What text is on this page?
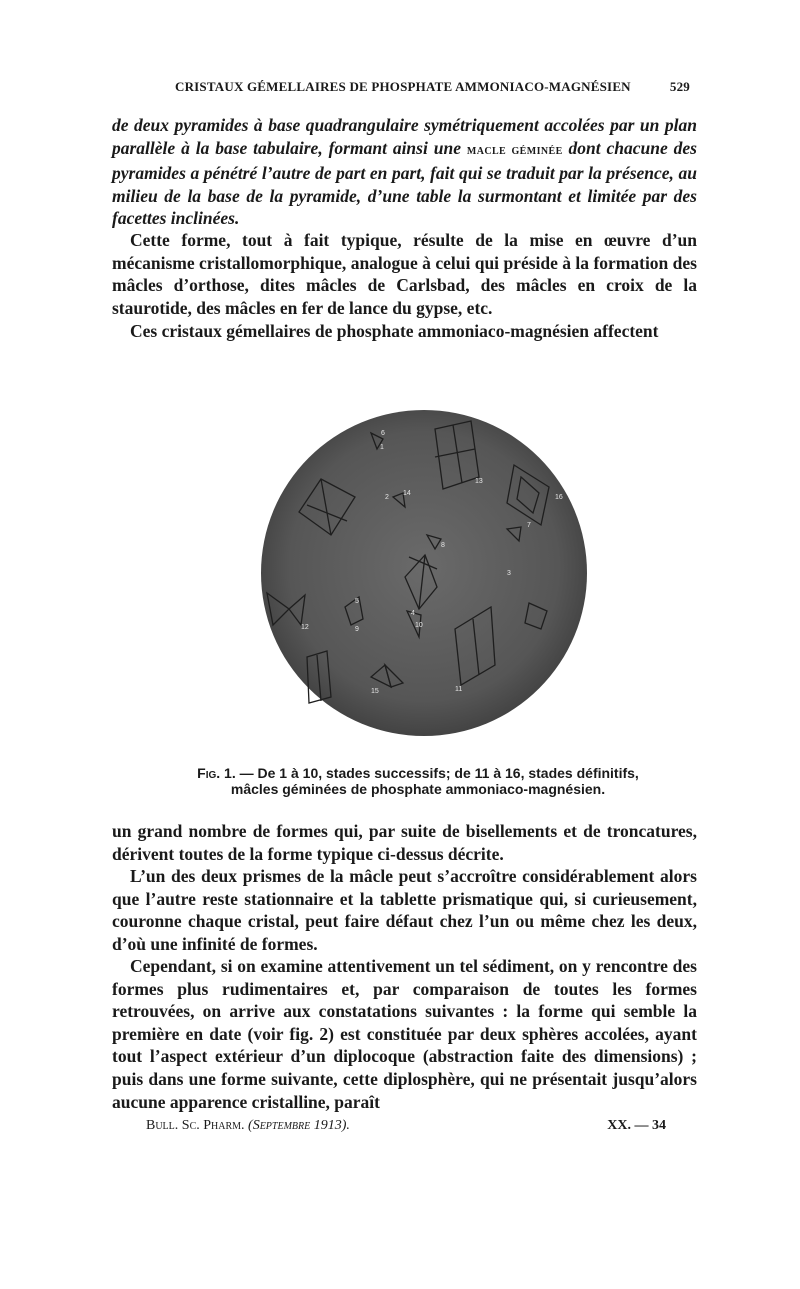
CRISTAUX GÉMELLAIRES DE PHOSPHATE AMMONIACO-MAGNÉSIEN	529
de deux pyramides à base quadrangulaire symétriquement accolées par un plan parallèle à la base tabulaire, formant ainsi une macle géminée dont chacune des pyramides a pénétré l’autre de part en part, fait qui se traduit par la présence, au milieu de la base de la pyramide, d’une table la surmontant et limitée par des facettes inclinées.
Cette forme, tout à fait typique, résulte de la mise en œuvre d’un mécanisme cristallomorphique, analogue à celui qui préside à la formation des mâcles d’orthose, dites mâcles de Carlsbad, des mâcles en croix de la staurotide, des mâcles en fer de lance du gypse, etc.
Ces cristaux gémellaires de phosphate ammoniaco-magnésien affectent
1
2
3
4
5
6
7
8
9
10
11
12
13
14
15
16
Fig. 1. — De 1 à 10, stades successifs; de 11 à 16, stades définitifs,
mâcles géminées de phosphate ammoniaco-magnésien.
un grand nombre de formes qui, par suite de bisellements et de troncatures, dérivent toutes de la forme typique ci-dessus décrite.
L’un des deux prismes de la mâcle peut s’accroître considérablement alors que l’autre reste stationnaire et la tablette prismatique qui, si curieusement, couronne chaque cristal, peut faire défaut chez l’un ou même chez les deux, d’où une infinité de formes.
Cependant, si on examine attentivement un tel sédiment, on y rencontre des formes plus rudimentaires et, par comparaison de toutes les formes retrouvées, on arrive aux constatations suivantes : la forme qui semble la première en date (voir fig. 2) est constituée par deux sphères accolées, ayant tout l’aspect extérieur d’un diplocoque (abstraction faite des dimensions) ; puis dans une forme suivante, cette diplosphère, qui ne présentait jusqu’alors aucune apparence cristalline, paraît
Bull. Sc. Pharm. (Septembre 1913).	XX. — 34
